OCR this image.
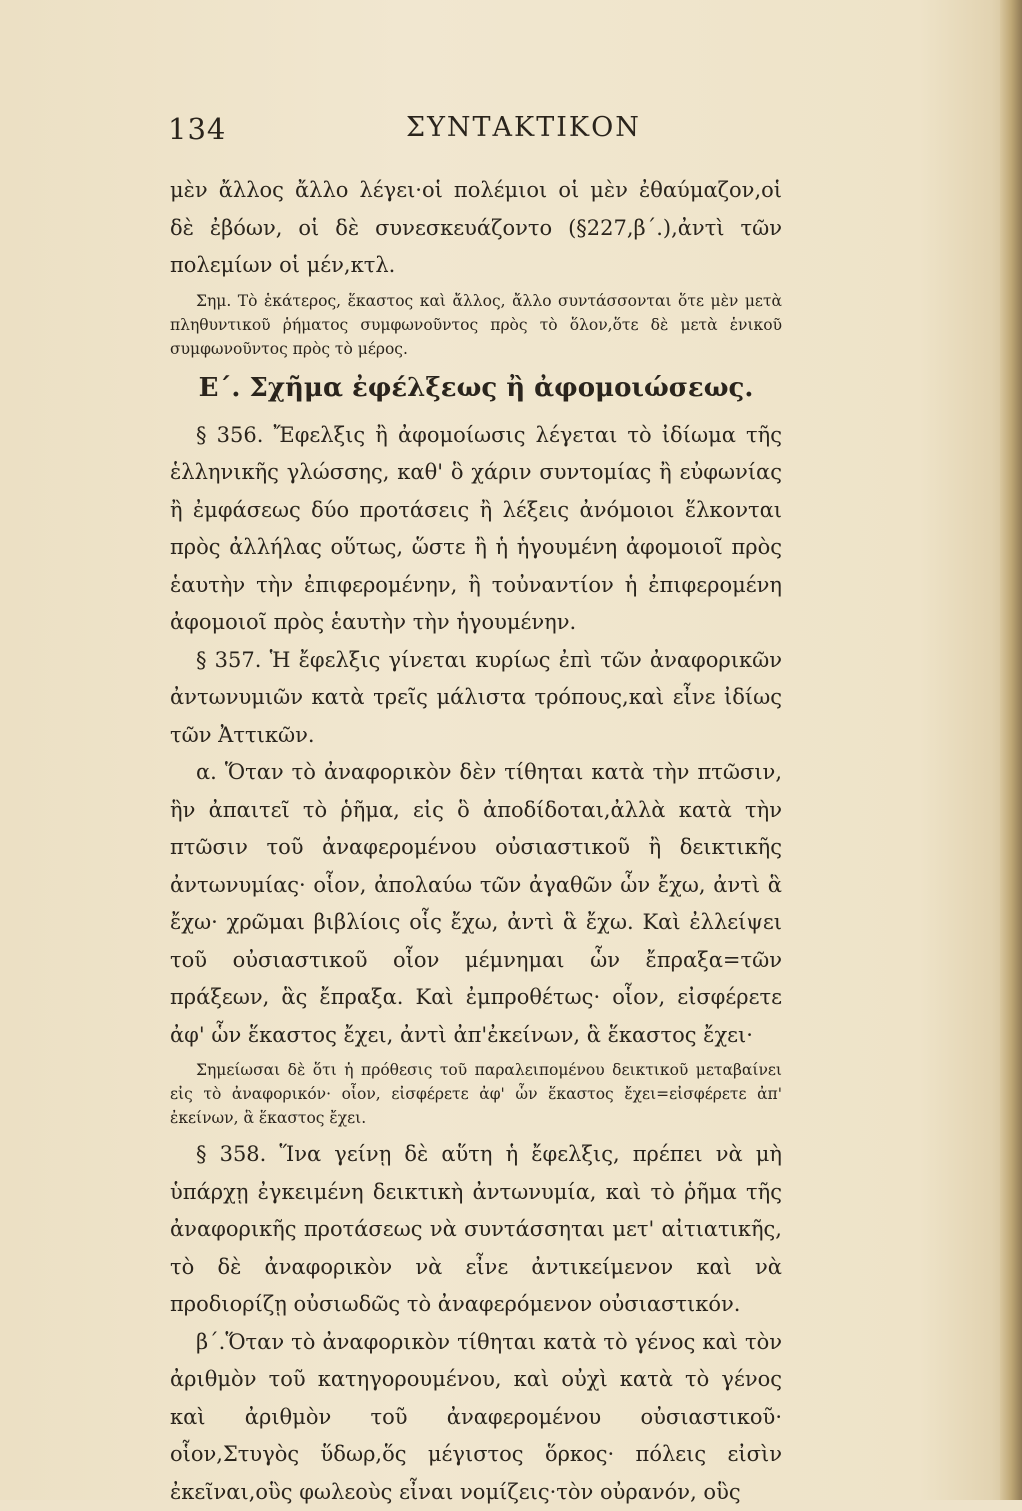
134	ΣΥΝΤΑΚΤΙΚΟΝ

μὲν ἄλλος ἄλλο λέγει·οἱ πολέμιοι οἱ μὲν ἐθαύμαζον,οἱ δὲ ἐβόων, οἱ δὲ συνεσκευάζοντο (§227,β΄.),ἀντὶ τῶν πολεμίων οἱ μέν,κτλ.

Σημ. Τὸ ἑκάτερος, ἕκαστος καὶ ἄλλος, ἄλλο συντάσσονται ὅτε μὲν μετὰ πληθυντικοῦ ῥήματος συμφωνοῦντος πρὸς τὸ ὅλον,ὅτε δὲ μετὰ ἑνικοῦ συμφωνοῦντος πρὸς τὸ μέρος.

Ε΄. Σχῆμα ἐφέλξεως ἢ ἀφομοιώσεως.

§ 356. Ἔφελξις ἢ ἀφομοίωσις λέγεται τὸ ἰδίωμα τῆς ἑλληνικῆς γλώσσης, καθ' ὃ χάριν συντομίας ἢ εὐφωνίας ἢ ἐμφάσεως δύο προτάσεις ἢ λέξεις ἀνόμοιοι ἕλκονται πρὸς ἀλλήλας οὕτως, ὥστε ἢ ἡ ἡγουμένη ἀφομοιοῖ πρὸς ἑαυτὴν τὴν ἐπιφερομένην, ἢ τοὐναντίον ἡ ἐπιφερομένη ἀφομοιοῖ πρὸς ἑαυτὴν τὴν ἡγουμένην.

§ 357. Ἡ ἔφελξις γίνεται κυρίως ἐπὶ τῶν ἀναφορικῶν ἀντωνυμιῶν κατὰ τρεῖς μάλιστα τρόπους,καὶ εἶνε ἰδίως τῶν Ἀττικῶν.

α. Ὅταν τὸ ἀναφορικὸν δὲν τίθηται κατὰ τὴν πτῶσιν, ἣν ἀπαιτεῖ τὸ ῥῆμα, εἰς ὃ ἀποδίδοται,ἀλλὰ κατὰ τὴν πτῶσιν τοῦ ἀναφερομένου οὐσιαστικοῦ ἢ δεικτικῆς ἀντωνυμίας· οἷον, ἀπολαύω τῶν ἀγαθῶν ὧν ἔχω, ἀντὶ ἃ ἔχω· χρῶμαι βιβλίοις οἷς ἔχω, ἀντὶ ἃ ἔχω. Καὶ ἐλλείψει τοῦ οὐσιαστικοῦ οἷον μέμνημαι ὧν ἔπραξα=τῶν πράξεων, ἃς ἔπραξα. Καὶ ἐμπροθέτως· οἷον, εἰσφέρετε ἀφ' ὧν ἕκαστος ἔχει, ἀντὶ ἀπ'ἐκείνων, ἃ ἕκαστος ἔχει·

Σημείωσαι δὲ ὅτι ἡ πρόθεσις τοῦ παραλειπομένου δεικτικοῦ μεταβαίνει εἰς τὸ ἀναφορικόν· οἷον, εἰσφέρετε ἀφ' ὧν ἕκαστος ἔχει=εἰσφέρετε ἀπ' ἐκείνων, ἃ ἕκαστος ἔχει.

§ 358. Ἵνα γείνῃ δὲ αὕτη ἡ ἔφελξις, πρέπει νὰ μὴ ὑπάρχῃ ἐγκειμένη δεικτικὴ ἀντωνυμία, καὶ τὸ ῥῆμα τῆς ἀναφορικῆς προτάσεως νὰ συντάσσηται μετ' αἰτιατικῆς, τὸ δὲ ἀναφορικὸν νὰ εἶνε ἀντικείμενον καὶ νὰ προδιορίζῃ οὐσιωδῶς τὸ ἀναφερόμενον οὐσιαστικόν.

β΄.Ὅταν τὸ ἀναφορικὸν τίθηται κατὰ τὸ γένος καὶ τὸν ἀριθμὸν τοῦ κατηγορουμένου, καὶ οὐχὶ κατὰ τὸ γένος καὶ ἀριθμὸν τοῦ ἀναφερομένου οὐσιαστικοῦ· οἷον,Στυγὸς ὕδωρ,ὅς μέγιστος ὅρκος· πόλεις εἰσὶν ἐκεῖναι,οὓς φωλεοὺς εἶναι νομίζεις·τὸν οὐρανόν, οὓς
